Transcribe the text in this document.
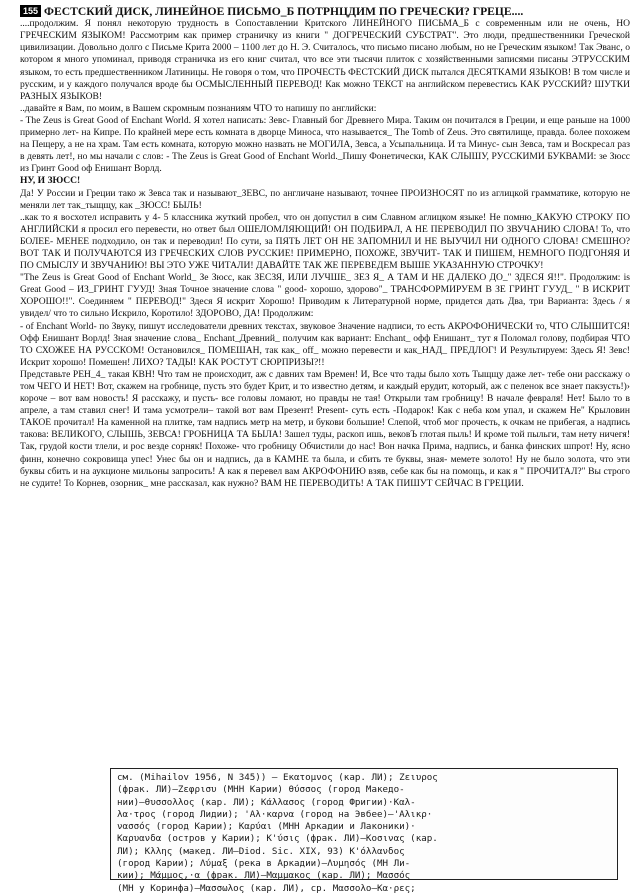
155 ФЕСТСКИЙ ДИСК, ЛИНЕЙНОЕ ПИСЬМО_Б ПОТРНЦДИМ ПО ГРЕЧЕСКИ? ГРЕЦЕ....

....продолжим. Я понял некоторую трудность в Сопоставлении Критского ЛИНЕЙНОГО ПИСЬМА_Б с современным или не очень, НО ГРЕЧЕСКИМ ЯЗЫКОМ! Рассмотрим как пример страничку из книги " ДОГРЕЧЕСКИЙ СУБСТРАТ". Это люди, предшественники Греческой цивилизации. Довольно долго с Письме Крита 2000 – 1100 лет до Н. Э. Считалось, что письмо писано любым, но не Греческим языком! Так Эванс, о котором я много упоминал, приводя страничка из его книг считал, что все эти тысячи плиток с хозяйственными записями писаны ЭТРУССКИМ языком, то есть предшественником Латиницы. Не говоря о том, что ПРОЧЕСТЬ ФЕСТСКИЙ ДИСК пытался ДЕСЯТКАМИ ЯЗЫКОВ! В том числе и русским, и у каждого получался вроде бы ОСМЫСЛЕННЫЙ ПЕРЕВОД! Как можно ТЕКСТ на английском перевестись КАК РУССКИЙ? ШУТКИ РАЗНЫХ ЯЗЫКОВ!

..давайте я Вам, по моим, в Вашем скромным познаниям ЧТО то напишу по английски:

- The Zeus is Great Good of Enchant World. Я хотел написать: Зевс- Главный бог Древнего Мира. Таким он почитался в Греции, и еще раньше на 1000 примерно лет- на Кипре. По крайней мере есть комната в дворце Миноса, что называется_ The Tomb of Zeus. Это святилище, правда. более похожем на Пещеру, а не на храм. Там есть комната, которую можно назвать не МОГИЛА, Зевса, а Усыпальница. И та Минус- сын Зевса, там и Воскресал раз в девять лет!, но мы начали с слов: - The Zeus is Great Good of Enchant World._Пишу Фонетически, КАК СЛЫШУ, РУССКИМИ БУКВАМИ: зе Зюсс из Гринт Good оф Енишант Ворлд.

НУ, И ЗЮСС!

Да! У России и Греции тако ж Зевса так и называют_ЗЕВС, по англичане называют, точнее ПРОИЗНОСЯТ по из аглицкой грамматике, которую не меняли лет так_тыщщу, как _ЗЮСС! БЫЛЬ!

..как то я восхотел исправить у 4- 5 классника жуткий пробел, что он допустил в сим Славном аглицком языке! Не помню_КАКУЮ СТРОКУ ПО АНГЛИЙСКИ я просил его перевести, но ответ был ОШЕЛОМЛЯЮЩИЙ! ОН ПОДБИРАЛ, А НЕ ПЕРЕВОДИЛ ПО ЗВУЧАНИЮ СЛОВА! То, что БОЛЕЕ- МЕНЕЕ подходило, он так и переводил! По сути, за ПЯТЬ ЛЕТ ОН НЕ ЗАПОМНИЛ И НЕ ВЫУЧИЛ НИ ОДНОГО СЛОВА! СМЕШНО? ВОТ ТАК И ПОЛУЧАЮТСЯ ИЗ ГРЕЧЕСКИХ СЛОВ РУССКИЕ! ПРИМЕРНО, ПОХОЖЕ, ЗВУЧИТ- ТАК И ПИШЕМ, НЕМНОГО ПОДГОНЯЯ И ПО СМЫСЛУ И ЗВУЧАНИЮ! ВЫ ЭТО УЖЕ ЧИТАЛИ! ДАВАЙТЕ ТАК ЖЕ ПЕРЕВЕДЕМ ВЫШЕ УКАЗАННУЮ СТРОЧКУ!

"The Zeus is Great Good of Enchant World_ Зе Зюсс, как ЗЕСЗЯ, ИЛИ ЛУЧШЕ_ ЗЕЗ Я_ А ТАМ И НЕ ДАЛЕКО ДО_" ЗДЕСЯ Я!!". Продолжим: is Great Good – ИЗ_ГРИНТ ГУУД! Зная Точное значение слова " good- хорошо, здорово"_ ТРАНСФОРМИРУЕМ В ЗЕ ГРИНТ ГУУД_ " В ИСКРИТ ХОРОШО!!". Соединяем " ПЕРЕВОД!" Здеся Я искрит Хорошо! Приводим к Литературной норме, придется дать Два, три Варианта: Здесь / я увидел/ что то сильно Искрило, Коротило! ЗДОРОВО, ДА! Продолжим:

- of Enchant World- по Звуку, пишут исследователи древних текстах, звуковое Значение надписи, то есть АКРОФОНИЧЕСКИ то, ЧТО СЛЫШИТСЯ! Офф Енишант Ворлд! Зная значение слова_ Enchant_Древний_ получим как вариант: Enchant_ офф Енишант_ тут я Поломал голову, подбирая ЧТО ТО СХОЖЕЕ НА РУССКОМ! Остановился_ ПОМЕШАН, так как_ off_ можно перевести и как_НАД_ ПРЕДЛОГ! И Результируем: Здесь Я! Зевс! Искрит хорошо! Помешен! ЛИХО? ТАДЫ! КАК РОСТУТ СЮРПРИЗЫ?!!

Представьте РЕН_4_ такая КВН! Что там не происходит, аж с давних там Времен! И, Все что тады было хоть Тыщщу даже лет- тебе они расскажу о том ЧЕГО И НЕТ! Вот, скажем на гробнице, пусть это будет Крит, и то известно детям, и каждый ерудит, который, аж с пеленок все знает пакзусть!)› короче – вот вам новость! Я расскажу, и пусть- все головы ломают, но правды не тая! Открыли там гробницу! В начале февраля! Нет! Было то в апреле, а там ставил снег! И тама усмотрели– такой вот вам Презент! Present- суть есть -Подарок! Как с неба ком упал, и скажем Не" Крыловин ТАКОЕ прочитал! На каменной на плитке, там надпись метр на метр, и букови большие! Слепой, чтоб мог прочесть, к очкам не прибегая, а надпись такова: ВЕЛИКОГО, СЛЫШЬ, ЗЕВСА! ГРОБНИЦА ТА БЫЛА! Зашел туды, раскоп ишь, вековЪ глотая пыль! И кроме той пыльги, там нету ничегя! Так, грудой кости тлели, и рос везде сорняк! Похоже- что гробницу Обчистили до нас! Вон начка Прима, надпись, и банка финских шпрот! Ну, ясно финн, конечно сокровища упес! Унес бы он и надпись, да в КАМНЕ та была, и сбить те буквы, зная- мемете золото! Ну не было золота, что эти буквы сбить и на аукционе мильоны запросить! А как я перевел вам АКРОФОНИЮ взяв, себе как бы на помощь, и как я " ПРОЧИТАЛ?" Вы строго не судите! То Корнев, озорник_ мне рассказал, как нужно? ВАМ НЕ ПЕРЕВОДИТЬ! А ТАК ПИШУТ СЕЙЧАС В ГРЕЦИИ.

см. (Mihailov 1956, N 345)) — Εκατομνος (кар. ЛИ); Ζειυρος
(фрак. ЛИ)—Ζεφρισυ (МНН Карии) θύσσος (город Македо-
нии)—θυσσολλος (кар. ЛИ); Κάλλασος (город Фригии)·Καλ-
λα·τρος (город Лидии); 'Αλ·καρνα (город на Эвбее)—'Αλικρ·
νασσός (город Карии); Καρύαι (МНН Аркадии и Лаконики)·
Καρυανδα (остров у Карии); Κ'ύσις (фрак. ЛИ)—Κοσινας (кар.
ЛИ); Κλλης (макед. ЛИ—Diod. Sic. XIX, 93) Κ'όλλανδος
(город Карии); Λύμαξ (река в Аркадии)—Λυμησός (МН Ли-
кии); Μάμμος,·α (фрак. ЛИ)—Μαμμακος (кар. ЛИ); Μασσός
(МН у Коринфа)—Μασσωλος (кар. ЛИ), ср. Μασσολο—Κα·ρες;
